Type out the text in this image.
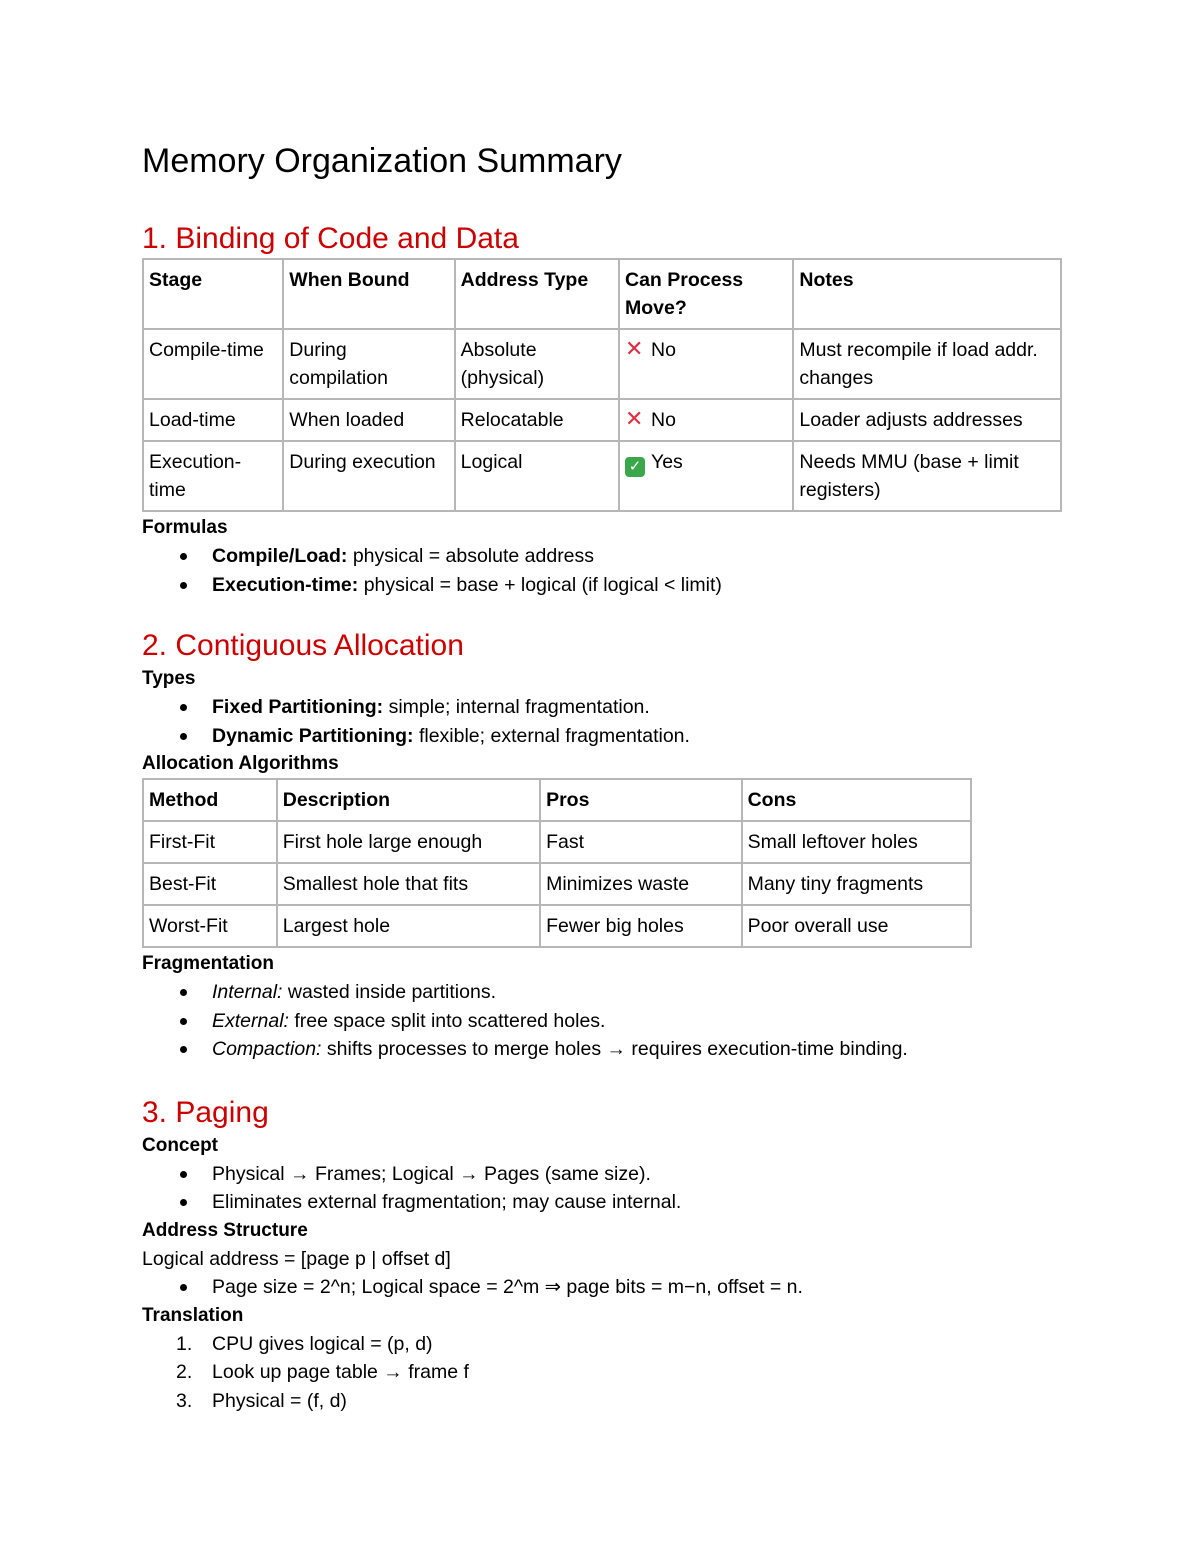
Memory Organization Summary
1. Binding of Code and Data
Stage	When Bound	Address Type	Can Process Move?	Notes
Compile-time	During compilation	Absolute (physical)	✕ No	Must recompile if load addr. changes
Load-time	When loaded	Relocatable	✕ No	Loader adjusts addresses
Execution-time	During execution	Logical	✓ Yes	Needs MMU (base + limit registers)

Formulas

Compile/Load: physical = absolute address
Execution-time: physical = base + logical (if logical < limit)
2. Contiguous Allocation

Types

Fixed Partitioning: simple; internal fragmentation.
Dynamic Partitioning: flexible; external fragmentation.

Allocation Algorithms

Method	Description	Pros	Cons
First-Fit	First hole large enough	Fast	Small leftover holes
Best-Fit	Smallest hole that fits	Minimizes waste	Many tiny fragments
Worst-Fit	Largest hole	Fewer big holes	Poor overall use

Fragmentation

Internal: wasted inside partitions.
External: free space split into scattered holes.
Compaction: shifts processes to merge holes → requires execution-time binding.
3. Paging

Concept

Physical → Frames; Logical → Pages (same size).
Eliminates external fragmentation; may cause internal.

Address Structure

Logical address = [page p | offset d]

Page size = 2^n; Logical space = 2^m ⇒ page bits = m−n, offset = n.

Translation

1. CPU gives logical = (p, d)
2. Look up page table → frame f
3. Physical = (f, d)
